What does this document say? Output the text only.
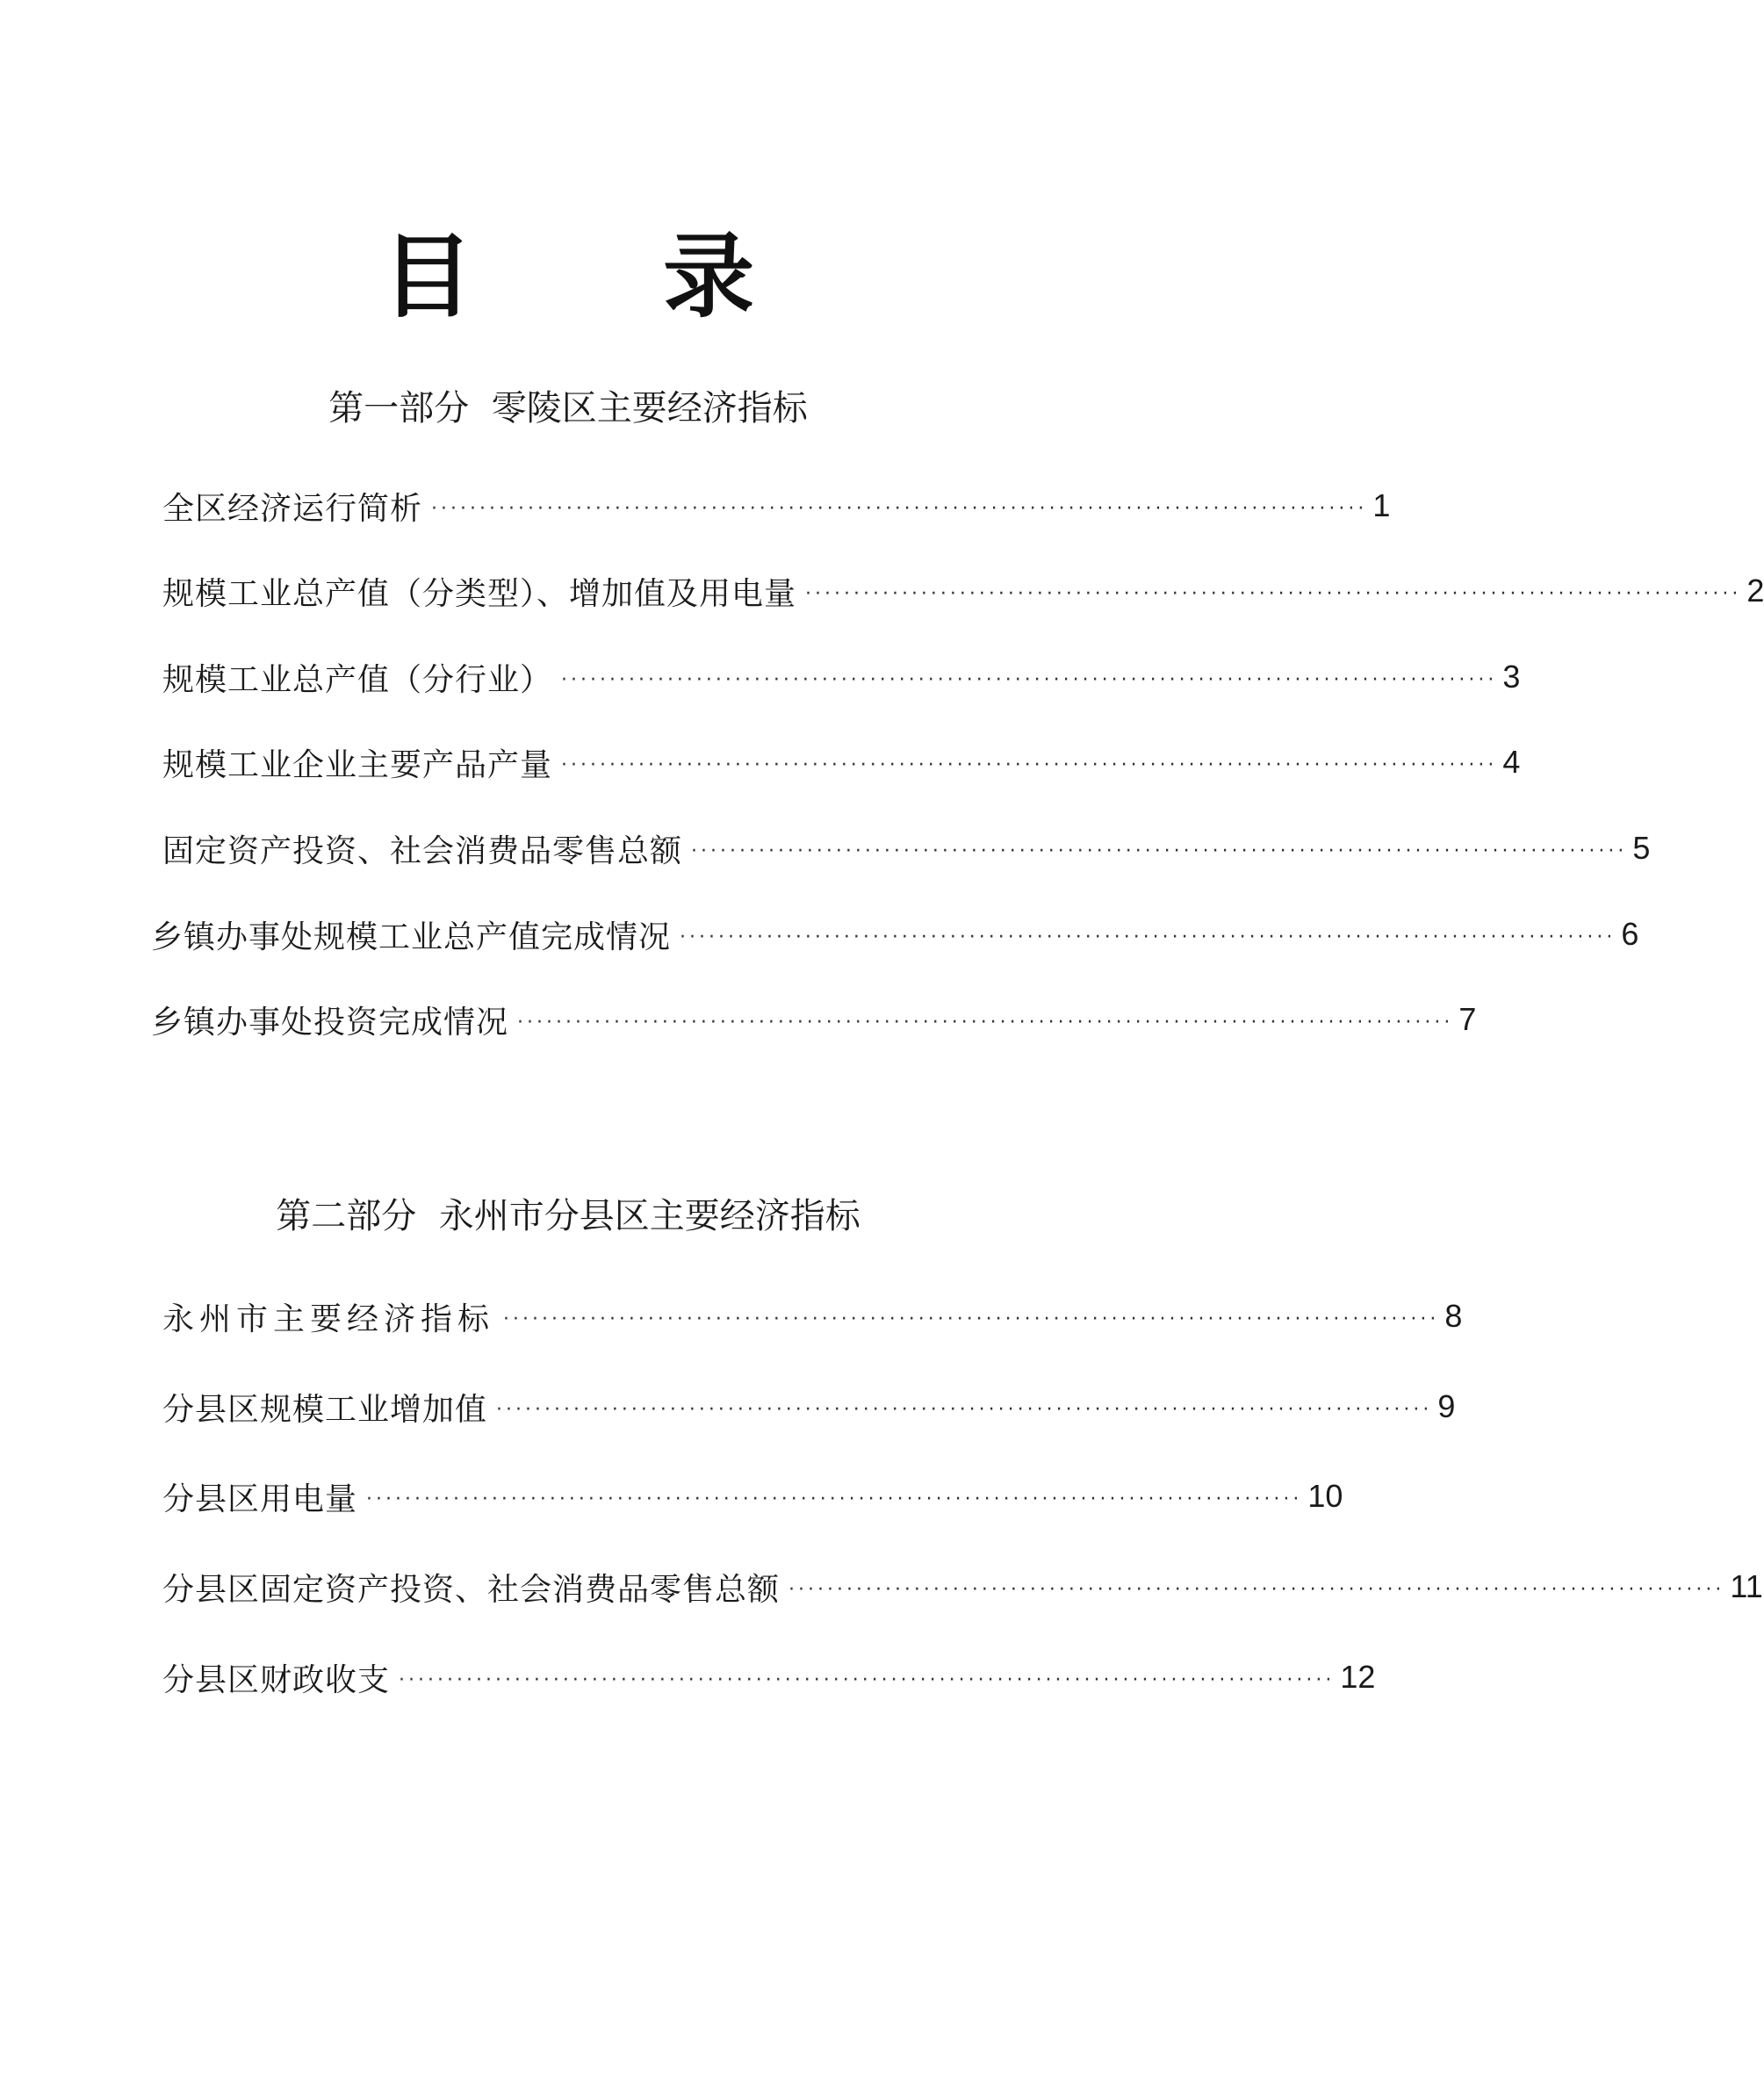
目 录
第一部分  零陵区主要经济指标
全区经济运行简析 ································································································· 1
规模工业总产值（分类型）、增加值及用电量 ································································································· 2
规模工业总产值（分行业） ································································································· 3
规模工业企业主要产品产量 ································································································· 4
固定资产投资、社会消费品零售总额 ································································································· 5
乡镇办事处规模工业总产值完成情况 ································································································· 6
乡镇办事处投资完成情况 ································································································· 7
第二部分  永州市分县区主要经济指标
永州市主要经济指标 ································································································· 8
分县区规模工业增加值 ································································································· 9
分县区用电量 ································································································· 10
分县区固定资产投资、社会消费品零售总额 ································································································· 11
分县区财政收支 ································································································· 12
